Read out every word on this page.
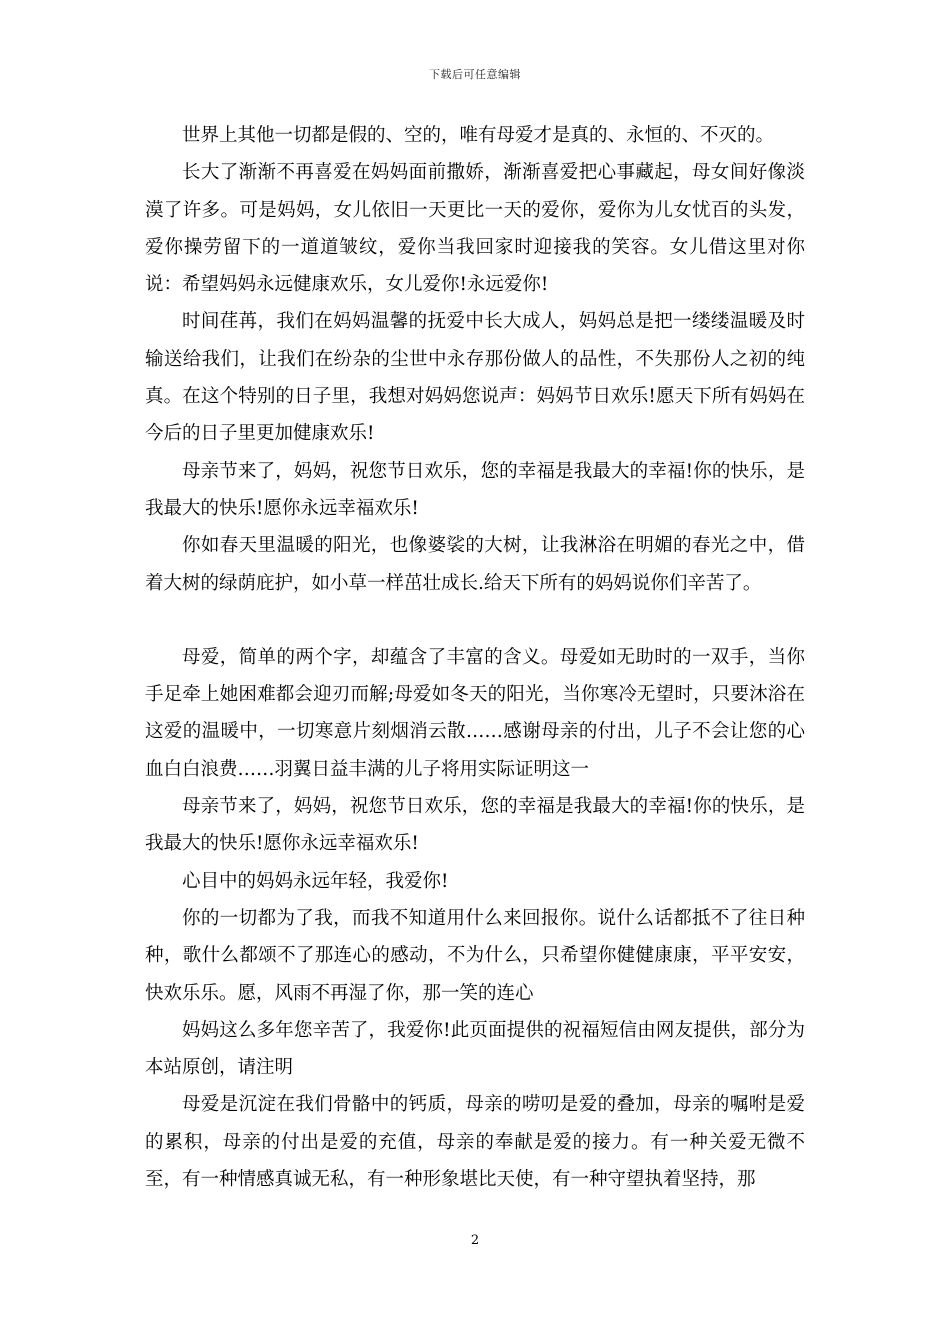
下载后可任意编辑

世界上其他一切都是假的、空的，唯有母爱才是真的、永恒的、不灭的。

长大了渐渐不再喜爱在妈妈面前撒娇，渐渐喜爱把心事藏起，母女间好像淡漠了许多。可是妈妈，女儿依旧一天更比一天的爱你，爱你为儿女忧百的头发，爱你操劳留下的一道道皱纹，爱你当我回家时迎接我的笑容。女儿借这里对你说：希望妈妈永远健康欢乐，女儿爱你!永远爱你!

时间荏苒，我们在妈妈温馨的抚爱中长大成人，妈妈总是把一缕缕温暖及时输送给我们，让我们在纷杂的尘世中永存那份做人的品性，不失那份人之初的纯真。在这个特别的日子里，我想对妈妈您说声：妈妈节日欢乐!愿天下所有妈妈在今后的日子里更加健康欢乐!

母亲节来了，妈妈，祝您节日欢乐，您的幸福是我最大的幸福!你的快乐，是我最大的快乐!愿你永远幸福欢乐!

你如春天里温暖的阳光，也像婆裟的大树，让我淋浴在明媚的春光之中，借着大树的绿荫庇护，如小草一样茁壮成长.给天下所有的妈妈说你们辛苦了。

母爱，简单的两个字，却蕴含了丰富的含义。母爱如无助时的一双手，当你手足牵上她困难都会迎刃而解;母爱如冬天的阳光，当你寒冷无望时，只要沐浴在这爱的温暖中，一切寒意片刻烟消云散……感谢母亲的付出，儿子不会让您的心血白白浪费……羽翼日益丰满的儿子将用实际证明这一

母亲节来了，妈妈，祝您节日欢乐，您的幸福是我最大的幸福!你的快乐，是我最大的快乐!愿你永远幸福欢乐!

心目中的妈妈永远年轻，我爱你!

你的一切都为了我，而我不知道用什么来回报你。说什么话都抵不了往日种种，歌什么都颂不了那连心的感动，不为什么，只希望你健健康康，平平安安，快欢乐乐。愿，风雨不再湿了你，那一笑的连心

妈妈这么多年您辛苦了，我爱你!此页面提供的祝福短信由网友提供，部分为本站原创，请注明

母爱是沉淀在我们骨骼中的钙质，母亲的唠叨是爱的叠加，母亲的嘱咐是爱的累积，母亲的付出是爱的充值，母亲的奉献是爱的接力。有一种关爱无微不至，有一种情感真诚无私，有一种形象堪比天使，有一种守望执着坚持，那

2
